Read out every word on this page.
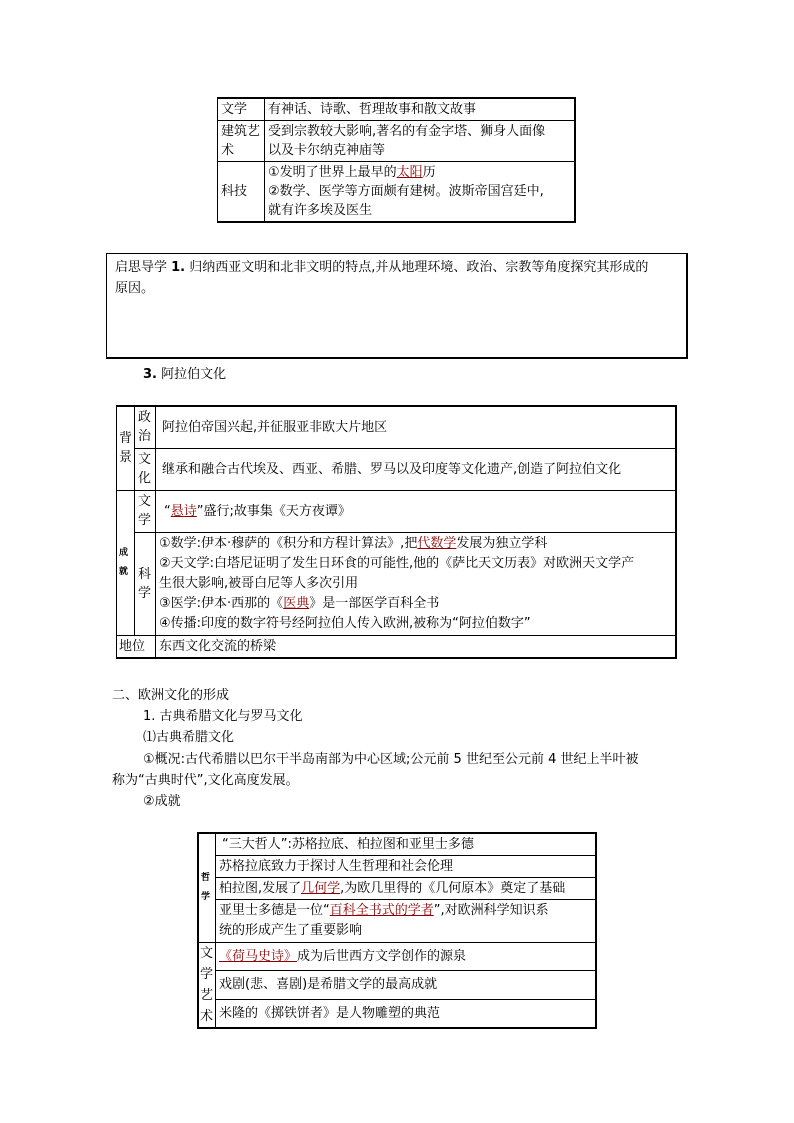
文学	有神话、诗歌、哲理故事和散文故事
建筑艺术	受到宗教较大影响,著名的有金字塔、狮身人面像
以及卡尔纳克神庙等

科技	①发明了世界上最早的太阳历
②数学、医学等方面颇有建树。波斯帝国宫廷中,
就有许多埃及医生
启思导学 1. 归纳西亚文明和北非文明的特点,并从地理环境、政治、宗教等角度探究其形成的
原因。
3. 阿拉伯文化
背景	政治	阿拉伯帝国兴起,并征服亚非欧大片地区
	文化	继承和融合古代埃及、西亚、希腊、罗马以及印度等文化遗产,创造了阿拉伯文化
成就	文学	“悬诗”盛行;故事集《天方夜谭》
	科学	①数学:伊本·穆萨的《积分和方程计算法》,把代数学发展为独立学科
②天文学:白塔尼证明了发生日环食的可能性,他的《萨比天文历表》对欧洲天文学产
生很大影响,被哥白尼等人多次引用
③医学:伊本·西那的《医典》是一部医学百科全书
④传播:印度的数字符号经阿拉伯人传入欧洲,被称为“阿拉伯数字”

地位		东西文化交流的桥梁
二、欧洲文化的形成
1. 古典希腊文化与罗马文化
⑴古典希腊文化
①概况:古代希腊以巴尔干半岛南部为中心区域;公元前 5 世纪至公元前 4 世纪上半叶被
称为“古典时代”,文化高度发展。
②成就
哲学	“三大哲人”:苏格拉底、柏拉图和亚里士多德
	苏格拉底致力于探讨人生哲理和社会伦理
	柏拉图,发展了几何学,为欧几里得的《几何原本》奠定了基础

	亚里士多德是一位“百科全书式的学者”,对欧洲科学知识系
统的形成产生了重要影响

文学艺术	《荷马史诗》成为后世西方文学创作的源泉
	戏剧(悲、喜剧)是希腊文学的最高成就
	米隆的《掷铁饼者》是人物雕塑的典范
